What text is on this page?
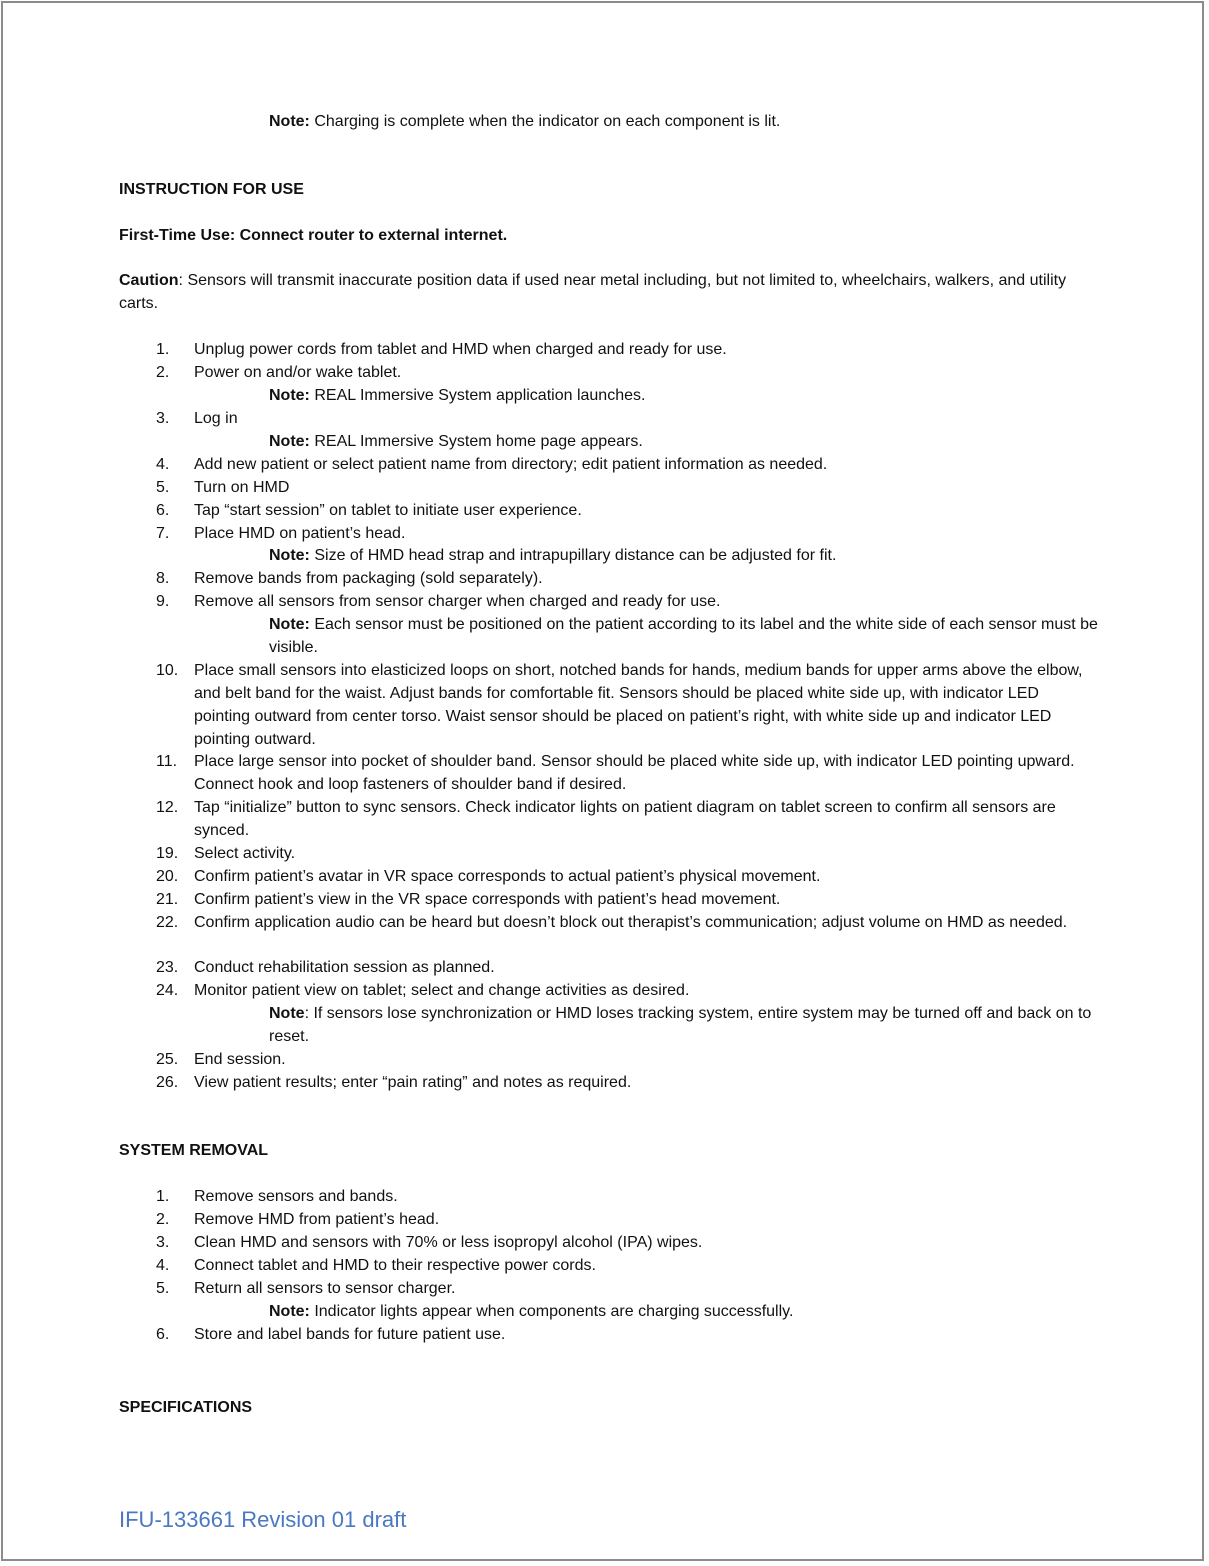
Note: Charging is complete when the indicator on each component is lit.
INSTRUCTION FOR USE
First-Time Use: Connect router to external internet.
Caution: Sensors will transmit inaccurate position data if used near metal including, but not limited to, wheelchairs, walkers, and utility carts.
1.	Unplug power cords from tablet and HMD when charged and ready for use.
2.	Power on and/or wake tablet.
Note: REAL Immersive System application launches.
3.	Log in
Note: REAL Immersive System home page appears.
4.	Add new patient or select patient name from directory; edit patient information as needed.
5.	Turn on HMD
6.	Tap “start session” on tablet to initiate user experience.
7.	Place HMD on patient’s head.
Note: Size of HMD head strap and intrapupillary distance can be adjusted for fit.
8.	Remove bands from packaging (sold separately).
9.	Remove all sensors from sensor charger when charged and ready for use.
Note: Each sensor must be positioned on the patient according to its label and the white side of each sensor must be visible.
10. Place small sensors into elasticized loops on short, notched bands for hands, medium bands for upper arms above the elbow, and belt band for the waist. Adjust bands for comfortable fit. Sensors should be placed white side up, with indicator LED pointing outward from center torso. Waist sensor should be placed on patient’s right, with white side up and indicator LED pointing outward.
11.	Place large sensor into pocket of shoulder band. Sensor should be placed white side up, with indicator LED pointing upward. Connect hook and loop fasteners of shoulder band if desired.
12. Tap “initialize” button to sync sensors. Check indicator lights on patient diagram on tablet screen to confirm all sensors are synced.
19. Select activity.
20. Confirm patient’s avatar in VR space corresponds to actual patient’s physical movement.
21. Confirm patient’s view in the VR space corresponds with patient’s head movement.
22. Confirm application audio can be heard but doesn’t block out therapist’s communication; adjust volume on HMD as needed.
23. Conduct rehabilitation session as planned.
24. Monitor patient view on tablet; select and change activities as desired.
Note: If sensors lose synchronization or HMD loses tracking system, entire system may be turned off and back on to reset.
25. End session.
26. View patient results; enter “pain rating” and notes as required.
SYSTEM REMOVAL
1.	Remove sensors and bands.
2.	Remove HMD from patient’s head.
3.	Clean HMD and sensors with 70% or less isopropyl alcohol (IPA) wipes.
4.	Connect tablet and HMD to their respective power cords.
5.	Return all sensors to sensor charger.
Note: Indicator lights appear when components are charging successfully.
6.	Store and label bands for future patient use.
SPECIFICATIONS
IFU-133661 Revision 01 draft
